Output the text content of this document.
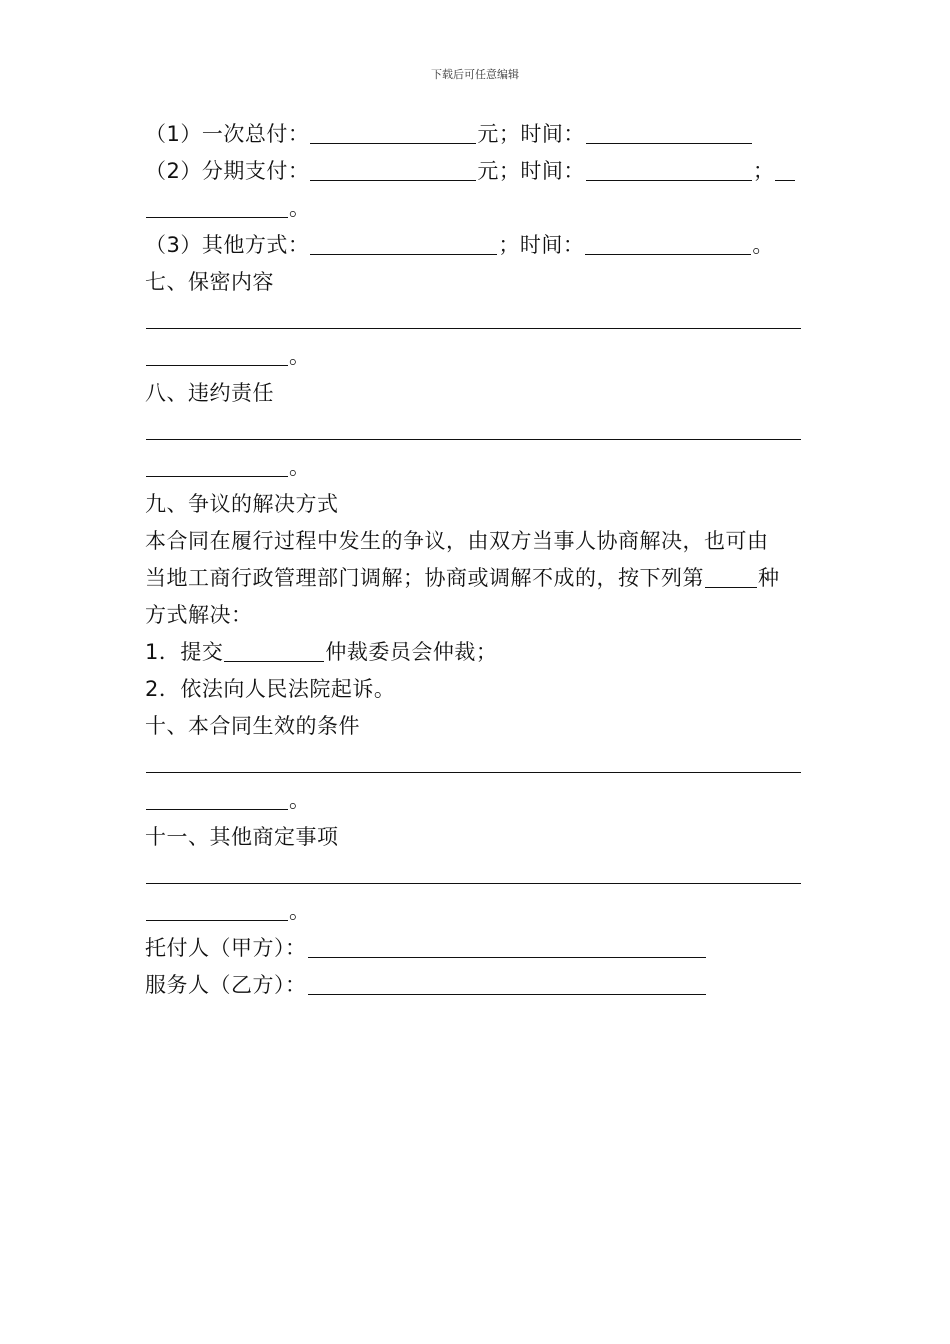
下载后可任意编辑
（1）一次总付：	元；时间：
（2）分期支付：	元；时间：	；
。
（3）其他方式：	；时间：	。
七、保密内容
。
八、违约责任
。
九、争议的解决方式
本合同在履行过程中发生的争议，由双方当事人协商解决，也可由
当地工商行政管理部门调解；协商或调解不成的，按下列第	种
方式解决：
1．提交	仲裁委员会仲裁；
2．依法向人民法院起诉。
十、本合同生效的条件
。
十一、其他商定事项
。
托付人（甲方）：
服务人（乙方）：
